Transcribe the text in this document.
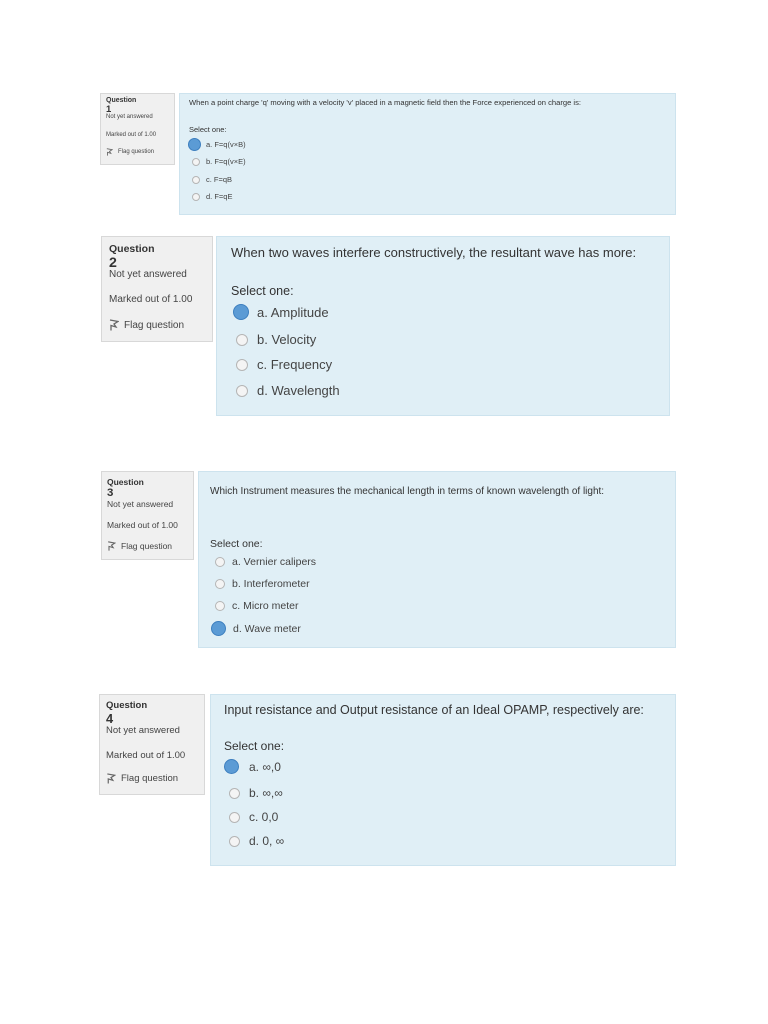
Question 1
Not yet answered
Marked out of 1.00
Flag question
When a point charge 'q' moving with a velocity 'v' placed in a magnetic field then the Force experienced on charge is:
Select one:
a. F=q(v×B)
b. F=q(v×E)
c. F=qB
d. F=qE
Question 2
Not yet answered
Marked out of 1.00
Flag question
When two waves interfere constructively, the resultant wave has more:
Select one:
a. Amplitude
b. Velocity
c. Frequency
d. Wavelength
Question 3
Not yet answered
Marked out of 1.00
Flag question
Which Instrument measures the mechanical length in terms of known wavelength of light:
Select one:
a. Vernier calipers
b. Interferometer
c. Micro meter
d. Wave meter
Question 4
Not yet answered
Marked out of 1.00
Flag question
Input resistance and Output resistance of an Ideal OPAMP, respectively are:
Select one:
a. ∞,0
b. ∞,∞
c. 0,0
d. 0, ∞
